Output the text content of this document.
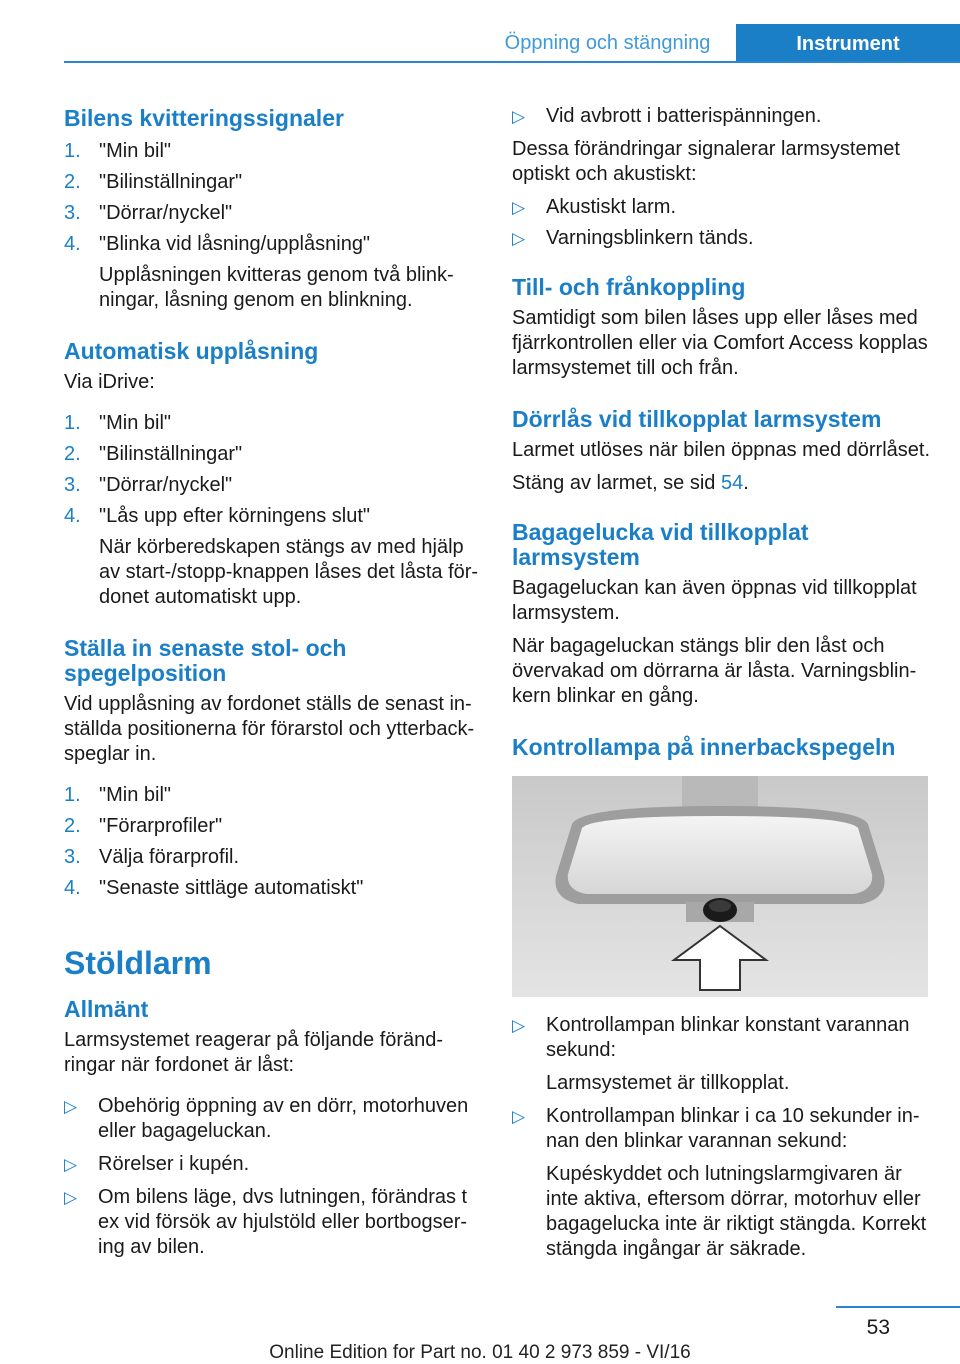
Öppning och stängning	Instrument
Bilens kvitteringssignaler
1. "Min bil"
2. "Bilinställningar"
3. "Dörrar/nyckel"
4. "Blinka vid låsning/upplåsning"

Upplåsningen kvitteras genom två blinkningar, låsning genom en blinkning.

Automatisk upplåsning

Via iDrive:

1. "Min bil"
2. "Bilinställningar"
3. "Dörrar/nyckel"
4. "Lås upp efter körningens slut"

När körberedskapen stängs av med hjälp av start-/stopp-knappen låses det låsta fördonet automatiskt upp.

Ställa in senaste stol- och spegelposition

Vid upplåsning av fordonet ställs de senast inställda positionerna för förarstol och ytterbackspeglar in.

1. "Min bil"
2. "Förarprofiler"
3. Välja förarprofil.
4. "Senaste sittläge automatiskt"
Stöldlarm
Allmänt

Larmsystemet reagerar på följande förändringar när fordonet är låst:

▷ Obehörig öppning av en dörr, motorhuven eller bagageluckan.
▷ Rörelser i kupén.
▷ Om bilens läge, dvs lutningen, förändras t ex vid försök av hjulstöld eller bortbogsering av bilen.
▷ Vid avbrott i batterispänningen.

Dessa förändringar signalerar larmsystemet optiskt och akustiskt:

▷ Akustiskt larm.
▷ Varningsblinkern tänds.
Till- och frånkoppling

Samtidigt som bilen låses upp eller låses med fjärrkontrollen eller via Comfort Access kopplas larmsystemet till och från.

Dörrlås vid tillkopplat larmsystem

Larmet utlöses när bilen öppnas med dörrlåset.

Stäng av larmet, se sid 54.

Bagagelucka vid tillkopplat larmsystem

Bagageluckan kan även öppnas vid tillkopplat larmsystem.

När bagageluckan stängs blir den låst och övervakad om dörrarna är låsta. Varningsblinkern blinkar en gång.

Kontrollampa på innerbackspegeln
▷ Kontrollampan blinkar konstant varannan sekund:

Larmsystemet är tillkopplat.

▷ Kontrollampan blinkar i ca 10 sekunder innan den blinkar varannan sekund:

Kupéskyddet och lutningslarmgivaren är inte aktiva, eftersom dörrar, motorhuv eller bagagelucka inte är riktigt stängda. Korrekt stängda ingångar är säkrade.

53
Online Edition for Part no. 01 40 2 973 859 - VI/16
